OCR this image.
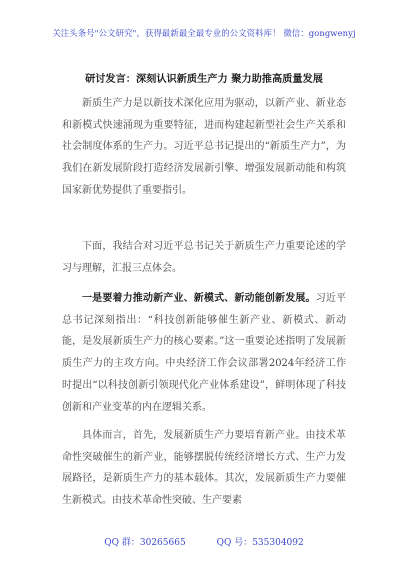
关注头条号"公文研究"，获得最新最全最专业的公文资料库！ 微信：gongwenyj
研讨发言：深刻认识新质生产力 聚力助推高质量发展

新质生产力是以新技术深化应用为驱动，以新产业、新业态和新模式快速涌现为重要特征，进而构建起新型社会生产关系和社会制度体系的生产力。习近平总书记提出的“新质生产力”，为我们在新发展阶段打造经济发展新引擎、增强发展新动能和构筑国家新优势提供了重要指引。

下面，我结合对习近平总书记关于新质生产力重要论述的学习与理解，汇报三点体会。

一是要着力推动新产业、新模式、新动能创新发展。习近平总书记深刻指出：“科技创新能够催生新产业、新模式、新动能，是发展新质生产力的核心要素。”这一重要论述指明了发展新质生产力的主攻方向。中央经济工作会议部署2024年经济工作时提出“以科技创新引领现代化产业体系建设”，鲜明体现了科技创新和产业变革的内在逻辑关系。

具体而言，首先，发展新质生产力要培育新产业。由技术革命性突破催生的新产业，能够摆脱传统经济增长方式、生产力发展路径，是新质生产力的基本载体。其次，发展新质生产力要催生新模式。由技术革命性突破、生产要素

QQ 群：30265665	QQ 号：535304092
